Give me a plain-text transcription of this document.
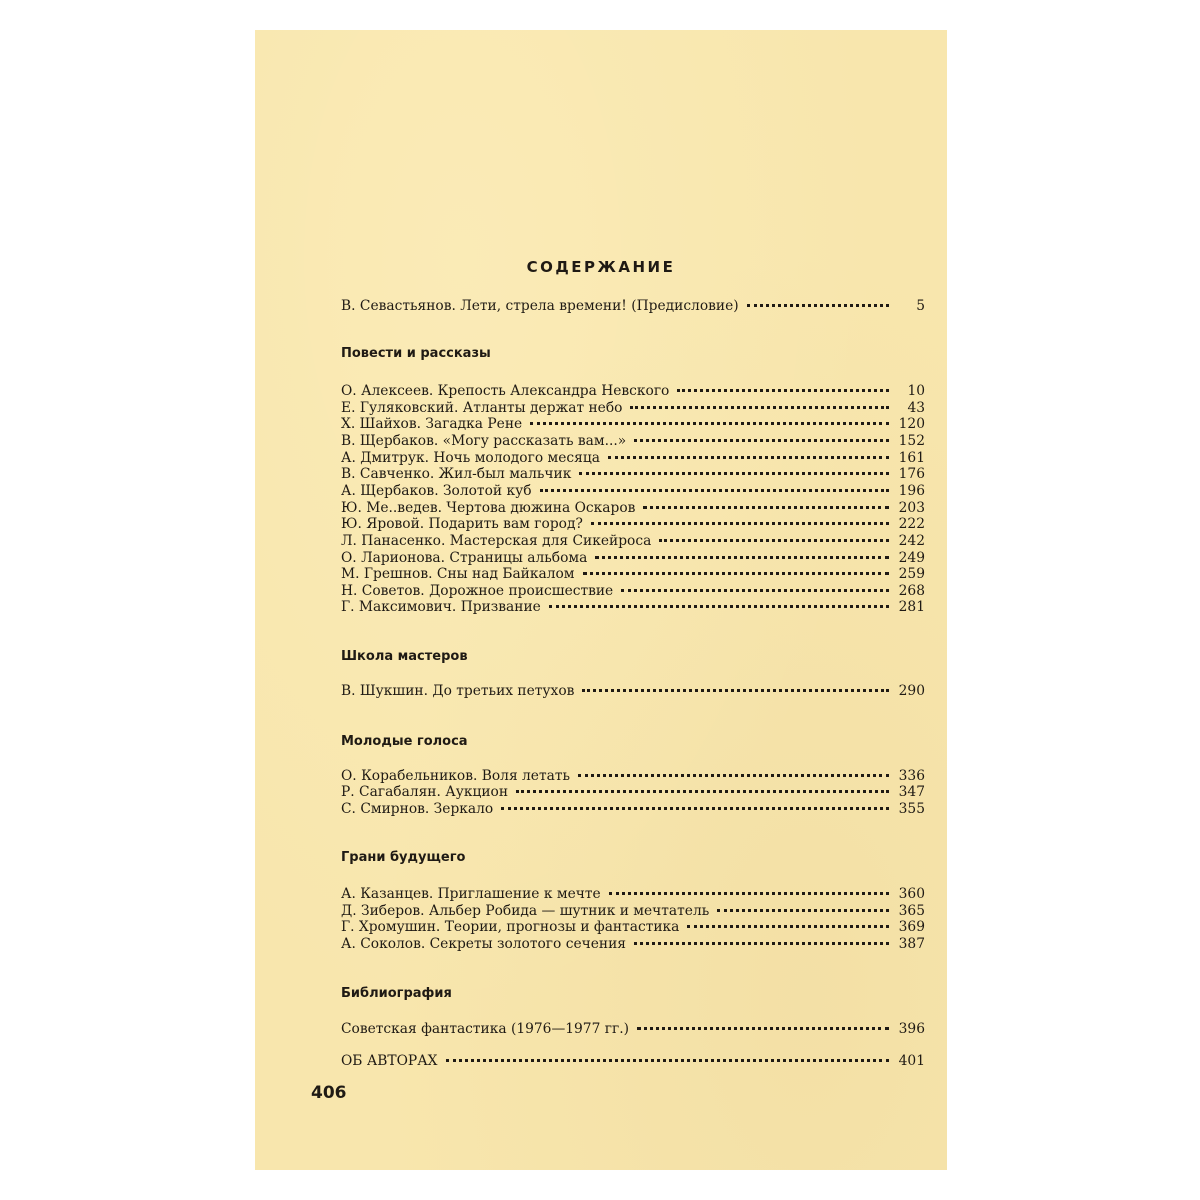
СОДЕРЖАНИЕ
В. Севастьянов. Лети, стрела времени! (Предисловие)	5
Повести и рассказы
О. Алексеев. Крепость Александра Невского	10
Е. Гуляковский. Атланты держат небо	43
Х. Шайхов. Загадка Рене	120
В. Щербаков. «Могу рассказать вам...»	152
А. Дмитрук. Ночь молодого месяца	161
В. Савченко. Жил-был мальчик	176
А. Щербаков. Золотой куб	196
Ю. Ме..ведев. Чертова дюжина Оскаров	203
Ю. Яровой. Подарить вам город?	222
Л. Панасенко. Мастерская для Сикейроса	242
О. Ларионова. Страницы альбома	249
М. Грешнов. Сны над Байкалом	259
Н. Советов. Дорожное происшествие	268
Г. Максимович. Призвание	281
Школа мастеров
В. Шукшин. До третьих петухов	290
Молодые голоса
О. Корабельников. Воля летать	336
Р. Сагабалян. Аукцион	347
С. Смирнов. Зеркало	355
Грани будущего
А. Казанцев. Приглашение к мечте	360
Д. Зиберов. Альбер Робида — шутник и мечтатель	365
Г. Хромушин. Теории, прогнозы и фантастика	369
А. Соколов. Секреты золотого сечения	387
Библиография
Советская фантастика (1976—1977 гг.)	396
ОБ АВТОРАХ	401
406
